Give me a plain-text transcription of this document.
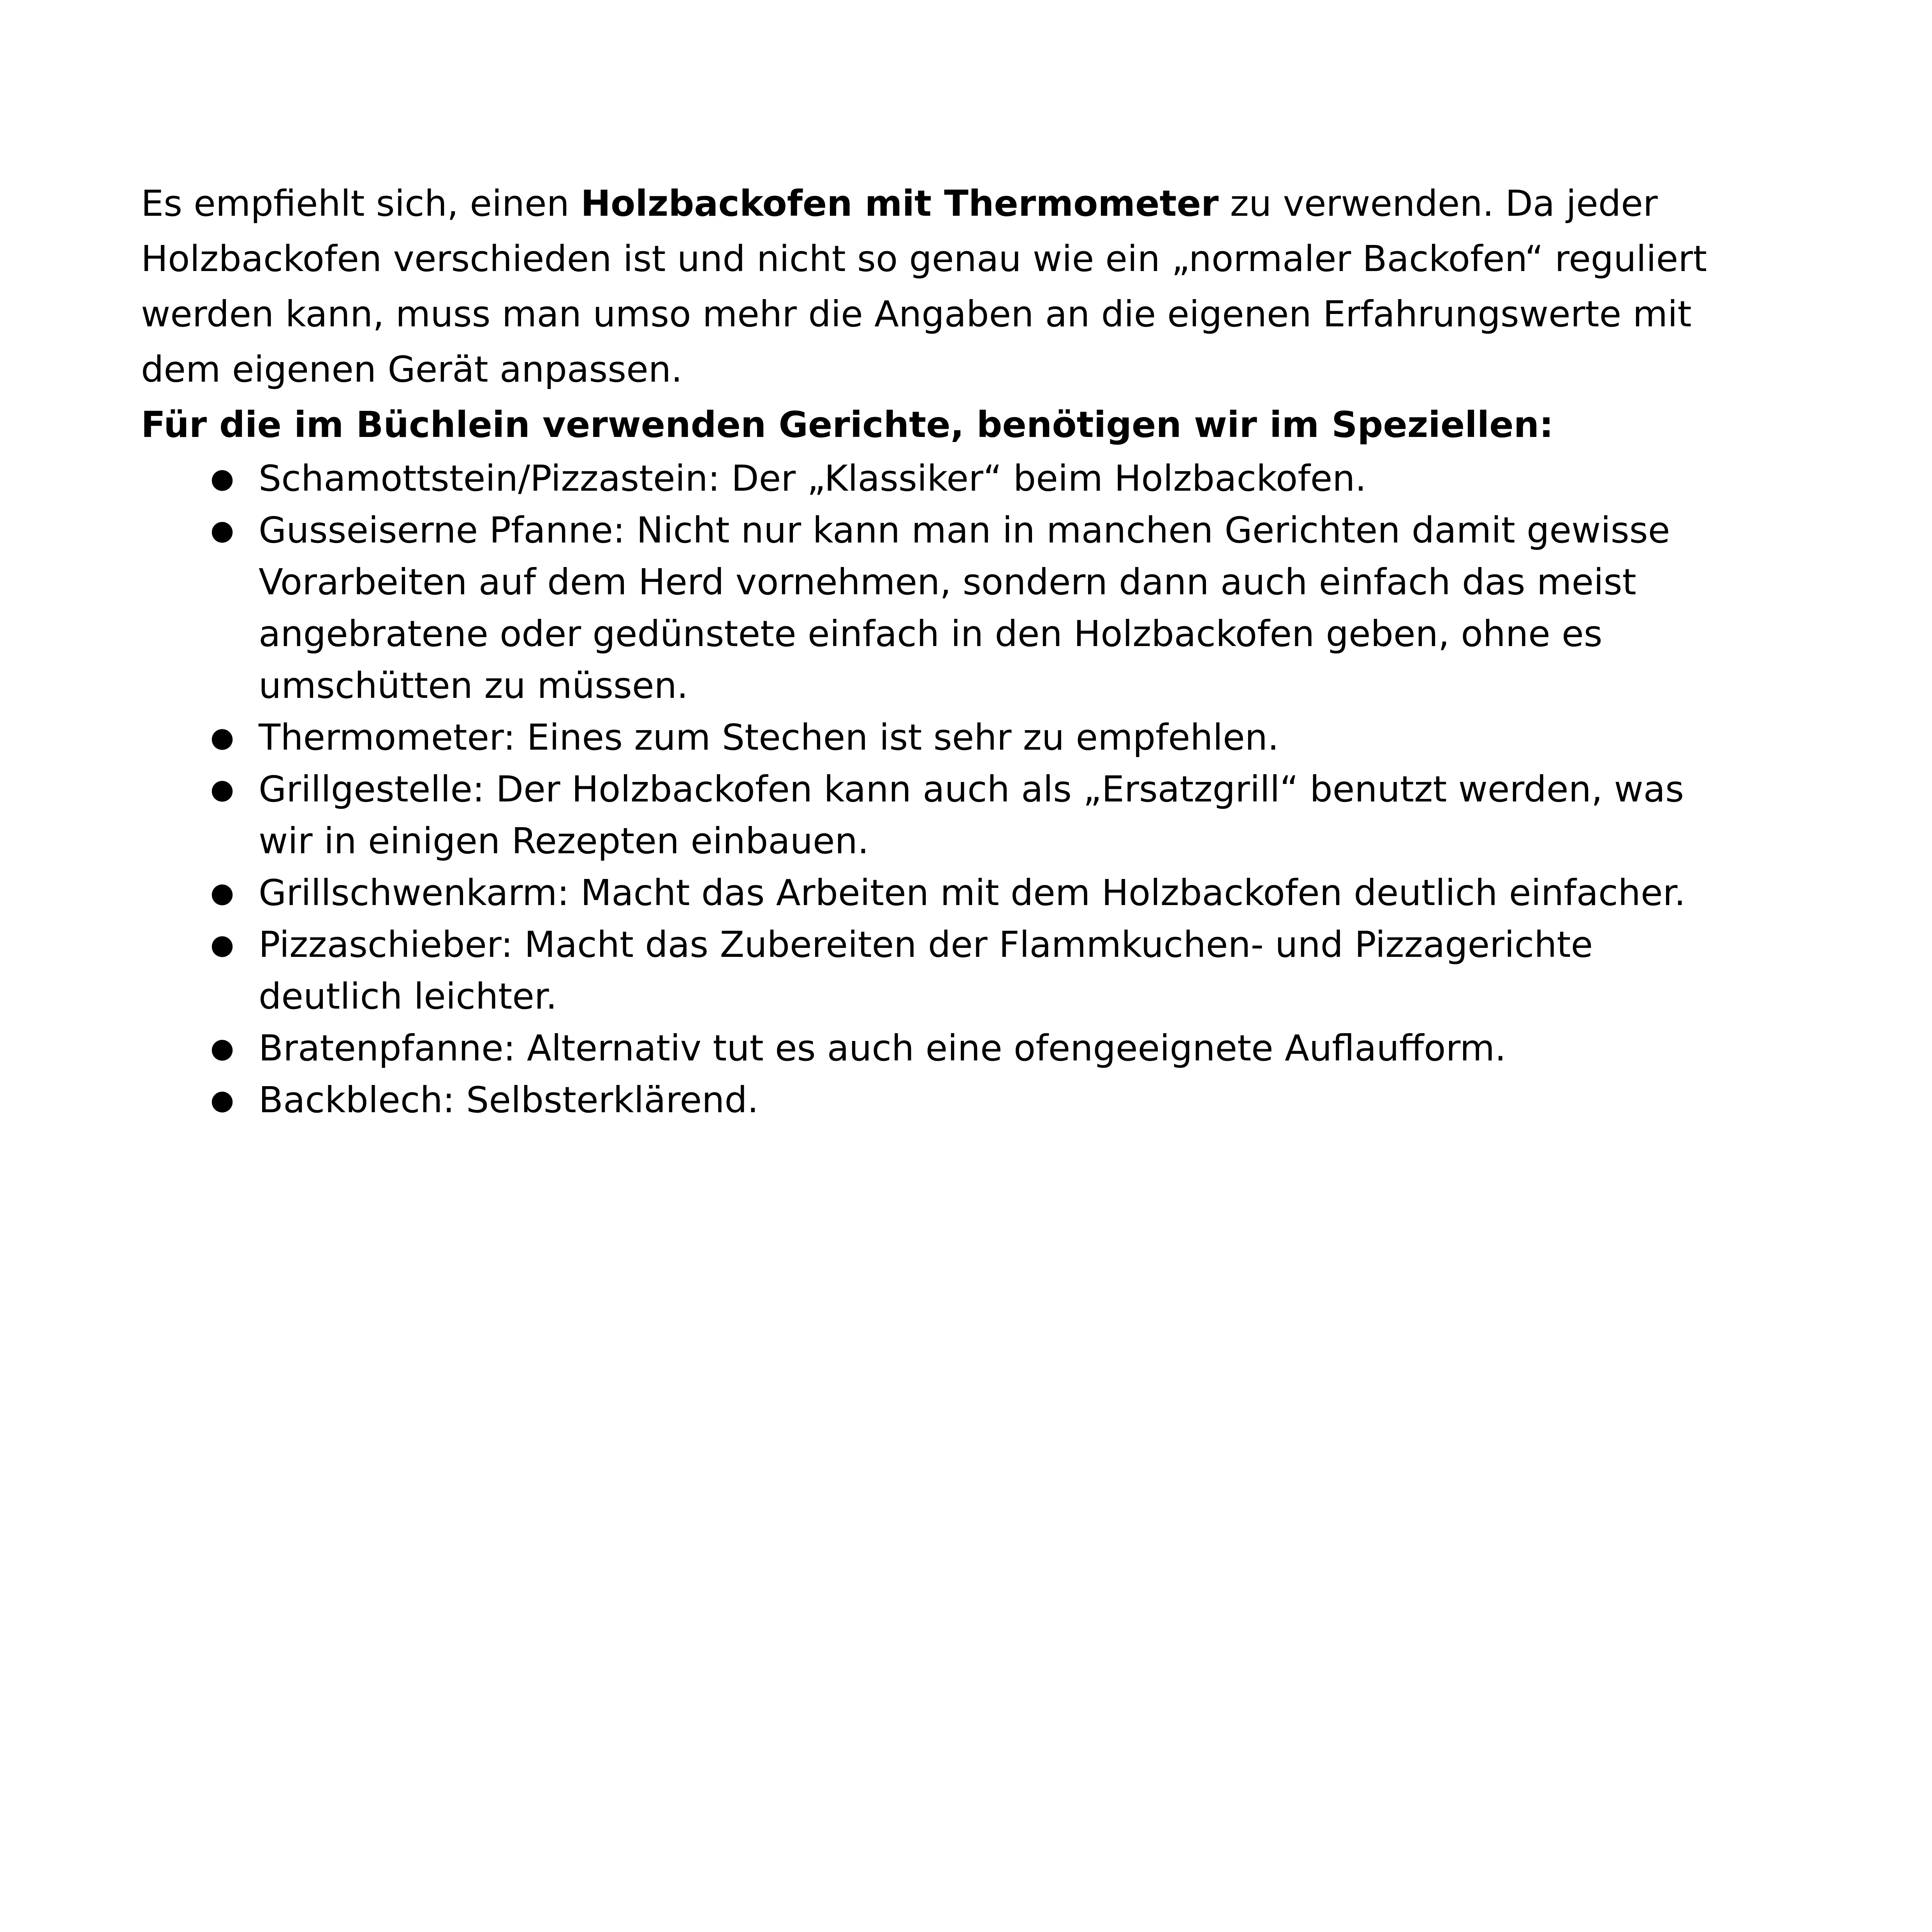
Es empfiehlt sich, einen Holzbackofen mit Thermometer zu verwenden. Da jeder Holzbackofen verschieden ist und nicht so genau wie ein „normaler Backofen“ reguliert werden kann, muss man umso mehr die Angaben an die eigenen Erfahrungswerte mit dem eigenen Gerät anpassen.

Für die im Büchlein verwenden Gerichte, benötigen wir im Speziellen:

● Schamottstein/Pizzastein: Der „Klassiker“ beim Holzbackofen.
● Gusseiserne Pfanne: Nicht nur kann man in manchen Gerichten damit gewisse Vorarbeiten auf dem Herd vornehmen, sondern dann auch einfach das meist angebratene oder gedünstete einfach in den Holzbackofen geben, ohne es umschütten zu müssen.
● Thermometer: Eines zum Stechen ist sehr zu empfehlen.
● Grillgestelle: Der Holzbackofen kann auch als „Ersatzgrill“ benutzt werden, was wir in einigen Rezepten einbauen.
● Grillschwenkarm: Macht das Arbeiten mit dem Holzbackofen deutlich einfacher.
● Pizzaschieber: Macht das Zubereiten der Flammkuchen- und Pizzagerichte deutlich leichter.
● Bratenpfanne: Alternativ tut es auch eine ofengeeignete Auflaufform.
● Backblech: Selbsterklärend.
